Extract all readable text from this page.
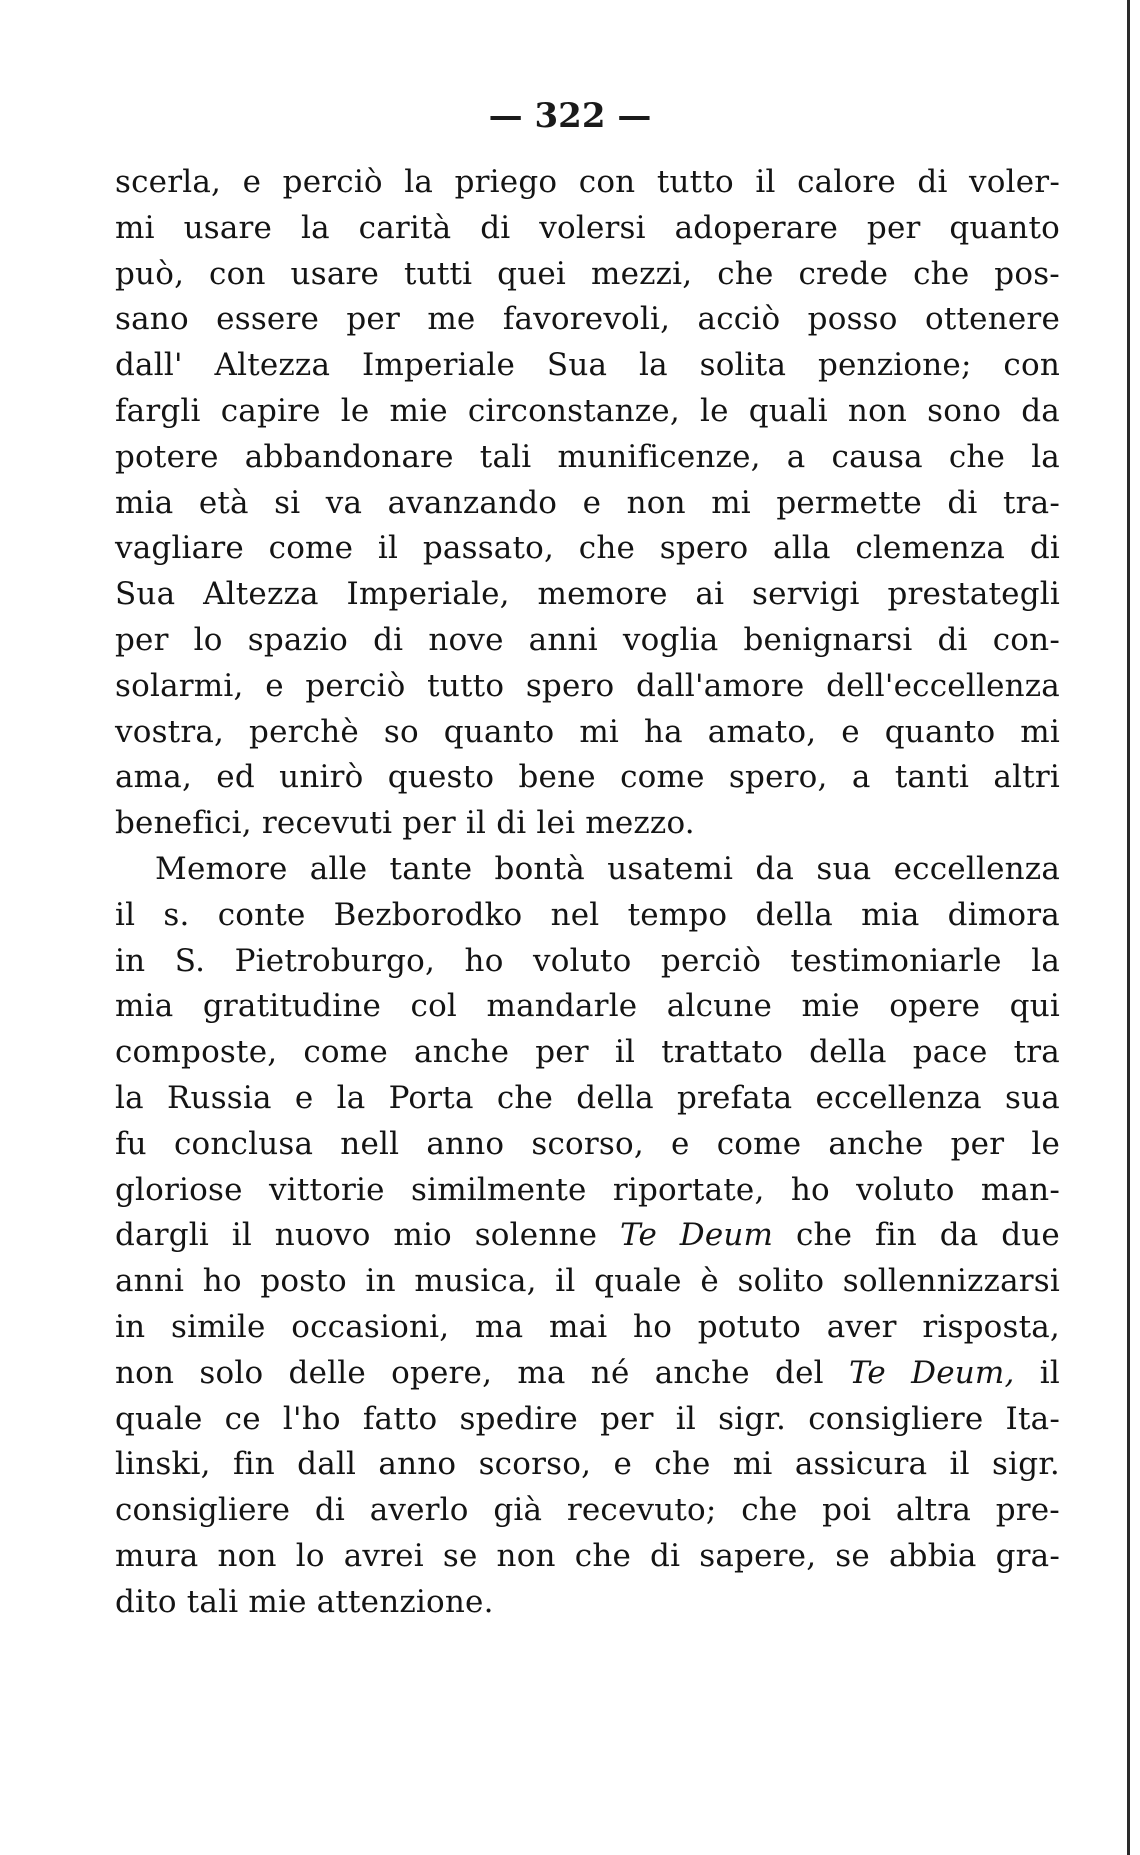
— 322 —
scerla, e perciò la priego con tutto il calore di voler-
mi usare la carità di volersi adoperare per quanto
può, con usare tutti quei mezzi, che crede che pos-
sano essere per me favorevoli, acciò posso ottenere
dall' Altezza Imperiale Sua la solita penzione; con
fargli capire le mie circonstanze, le quali non sono da
potere abbandonare tali munificenze, a causa che la
mia età si va avanzando e non mi permette di tra-
vagliare come il passato, che spero alla clemenza di
Sua Altezza Imperiale, memore ai servigi prestategli
per lo spazio di nove anni voglia benignarsi di con-
solarmi, e perciò tutto spero dall'amore dell'eccellenza
vostra, perchè so quanto mi ha amato, e quanto mi
ama, ed unirò questo bene come spero, a tanti altri
benefici, recevuti per il di lei mezzo.
Memore alle tante bontà usatemi da sua eccellenza
il s. conte Bezborodko nel tempo della mia dimora
in S. Pietroburgo, ho voluto perciò testimoniarle la
mia gratitudine col mandarle alcune mie opere qui
composte, come anche per il trattato della pace tra
la Russia e la Porta che della prefata eccellenza sua
fu conclusa nell anno scorso, e come anche per le
gloriose vittorie similmente riportate, ho voluto man-
dargli il nuovo mio solenne Te Deum che fin da due
anni ho posto in musica, il quale è solito sollennizzarsi
in simile occasioni, ma mai ho potuto aver risposta,
non solo delle opere, ma né anche del Te Deum, il
quale ce l'ho fatto spedire per il sigr. consigliere Ita-
linski, fin dall anno scorso, e che mi assicura il sigr.
consigliere di averlo già recevuto; che poi altra pre-
mura non lo avrei se non che di sapere, se abbia gra-
dito tali mie attenzione.
